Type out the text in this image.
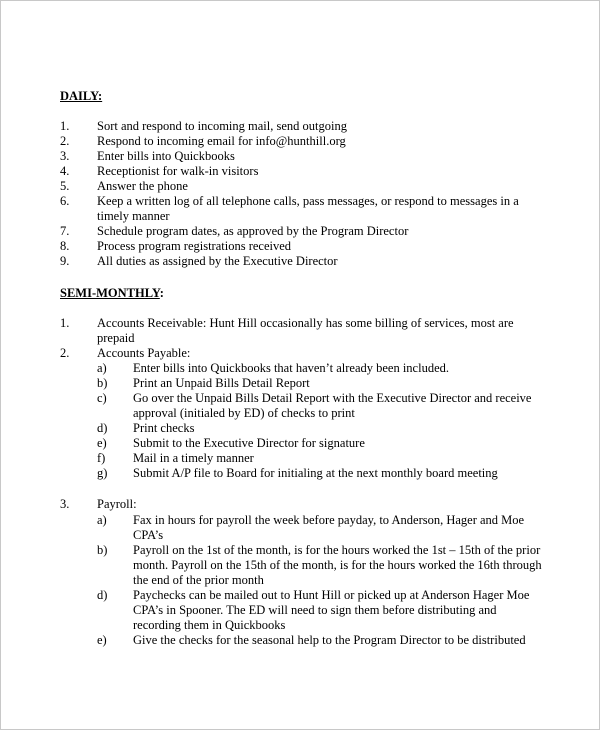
DAILY:
1. Sort and respond to incoming mail, send outgoing
2. Respond to incoming email for info@hunthill.org
3. Enter bills into Quickbooks
4. Receptionist for walk-in visitors
5. Answer the phone
6. Keep a written log of all telephone calls, pass messages, or respond to messages in a
timely manner
7. Schedule program dates, as approved by the Program Director
8. Process program registrations received
9. All duties as assigned by the Executive Director
SEMI-MONTHLY:
1. Accounts Receivable: Hunt Hill occasionally has some billing of services, most are
prepaid
2. Accounts Payable:
a) Enter bills into Quickbooks that haven’t already been included.
b) Print an Unpaid Bills Detail Report
c) Go over the Unpaid Bills Detail Report with the Executive Director and receive
approval (initialed by ED) of checks to print
d) Print checks
e) Submit to the Executive Director for signature
f) Mail in a timely manner
g) Submit A/P file to Board for initialing at the next monthly board meeting
3. Payroll:
a) Fax in hours for payroll the week before payday, to Anderson, Hager and Moe
CPA’s
b) Payroll on the 1st of the month, is for the hours worked the 1st – 15th of the prior
month. Payroll on the 15th of the month, is for the hours worked the 16th through
the end of the prior month
d) Paychecks can be mailed out to Hunt Hill or picked up at Anderson Hager Moe
CPA’s in Spooner. The ED will need to sign them before distributing and
recording them in Quickbooks
e) Give the checks for the seasonal help to the Program Director to be distributed
